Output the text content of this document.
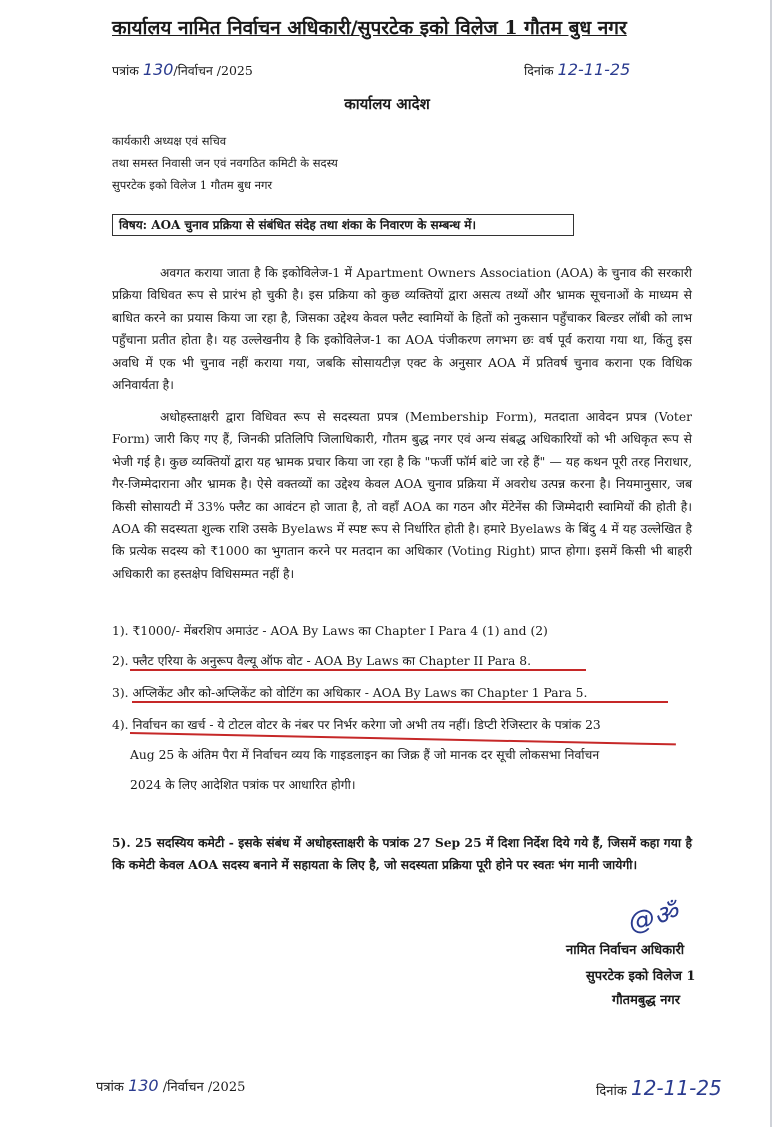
कार्यालय नामित निर्वाचन अधिकारी/सुपरटेक इको विलेज 1 गौतम बुध नगर
पत्रांक 130/निर्वाचन /2025	दिनांक 12-11-25
कार्यालय आदेश
कार्यकारी अध्यक्ष एवं सचिव
तथा समस्त निवासी जन एवं नवगठित कमिटी के सदस्य
सुपरटेक इको विलेज 1 गौतम बुध नगर
विषय: AOA चुनाव प्रक्रिया से संबंधित संदेह तथा शंका के निवारण के सम्बन्ध में।
अवगत कराया जाता है कि इकोविलेज-1 में Apartment Owners Association (AOA) के चुनाव की सरकारी प्रक्रिया विधिवत रूप से प्रारंभ हो चुकी है। इस प्रक्रिया को कुछ व्यक्तियों द्वारा असत्य तथ्यों और भ्रामक सूचनाओं के माध्यम से बाधित करने का प्रयास किया जा रहा है, जिसका उद्देश्य केवल फ्लैट स्वामियों के हितों को नुकसान पहुँचाकर बिल्डर लॉबी को लाभ पहुँचाना प्रतीत होता है। यह उल्लेखनीय है कि इकोविलेज-1 का AOA पंजीकरण लगभग छः वर्ष पूर्व कराया गया था, किंतु इस अवधि में एक भी चुनाव नहीं कराया गया, जबकि सोसायटीज़ एक्ट के अनुसार AOA में प्रतिवर्ष चुनाव कराना एक विधिक अनिवार्यता है।
अधोहस्ताक्षरी द्वारा विधिवत रूप से सदस्यता प्रपत्र (Membership Form), मतदाता आवेदन प्रपत्र (Voter Form) जारी किए गए हैं, जिनकी प्रतिलिपि जिलाधिकारी, गौतम बुद्ध नगर एवं अन्य संबद्ध अधिकारियों को भी अधिकृत रूप से भेजी गई है। कुछ व्यक्तियों द्वारा यह भ्रामक प्रचार किया जा रहा है कि "फर्जी फॉर्म बांटे जा रहे हैं" — यह कथन पूरी तरह निराधार, गैर-जिम्मेदाराना और भ्रामक है। ऐसे वक्तव्यों का उद्देश्य केवल AOA चुनाव प्रक्रिया में अवरोध उत्पन्न करना है। नियमानुसार, जब किसी सोसायटी में 33% फ्लैट का आवंटन हो जाता है, तो वहाँ AOA का गठन और मेंटेनेंस की जिम्मेदारी स्वामियों की होती है। AOA की सदस्यता शुल्क राशि उसके Byelaws में स्पष्ट रूप से निर्धारित होती है। हमारे Byelaws के बिंदु 4 में यह उल्लेखित है कि प्रत्येक सदस्य को ₹1000 का भुगतान करने पर मतदान का अधिकार (Voting Right) प्राप्त होगा। इसमें किसी भी बाहरी अधिकारी का हस्तक्षेप विधिसम्मत नहीं है।
1). ₹1000/- मेंबरशिप अमाउंट - AOA By Laws का Chapter I Para 4 (1) and (2)
2). फ्लैट एरिया के अनुरूप वैल्यू ऑफ वोट - AOA By Laws का Chapter II Para 8.
3). अप्लिकेंट और को-अप्लिकेंट को वोटिंग का अधिकार - AOA By Laws का Chapter 1 Para 5.
4). निर्वाचन का खर्च - ये टोटल वोटर के नंबर पर निर्भर करेगा जो अभी तय नहीं। डिप्टी रेजिस्टार के पत्रांक 23
Aug 25 के अंतिम पैरा में निर्वाचन व्यय कि गाइडलाइन का जिक्र हैं जो मानक दर सूची लोकसभा निर्वाचन
2024 के लिए आदेशित पत्रांक पर आधारित होगी।
5). 25 सदस्यिय कमेटी - इसके संबंध में अधोहस्ताक्षरी के पत्रांक 27 Sep 25 में दिशा निर्देश दिये गये हैं, जिसमें कहा गया है कि कमेटी केवल AOA सदस्य बनाने में सहायता के लिए है, जो सदस्यता प्रक्रिया पूरी होने पर स्वतः भंग मानी जायेगी।
@ॐ
नामित निर्वाचन अधिकारी
सुपरटेक इको विलेज 1
गौतमबुद्ध नगर
पत्रांक 130 /निर्वाचन /2025	दिनांक 12-11-25
